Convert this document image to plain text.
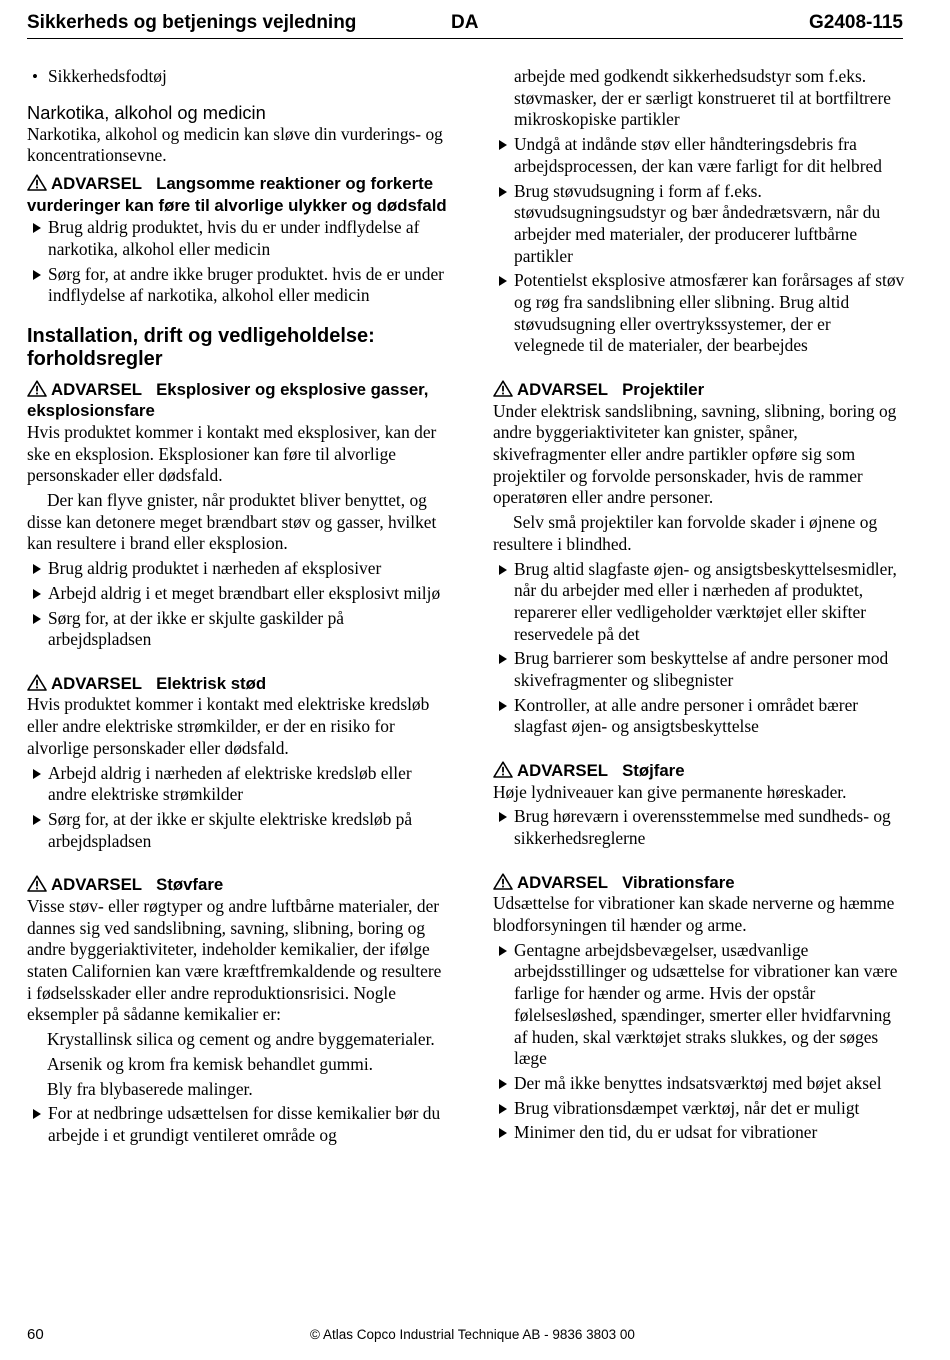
Sikkerheds og betjenings vejledning	DA	G2408-115
• Sikkerhedsfodtøj
Narkotika, alkohol og medicin

Narkotika, alkohol og medicin kan sløve din vurderings- og koncentrationsevne.

ADVARSEL Langsomme reaktioner og forkerte vurderinger kan føre til alvorlige ulykker og dødsfald
Brug aldrig produktet, hvis du er under indflydelse af narkotika, alkohol eller medicin
Sørg for, at andre ikke bruger produktet. hvis de er under indflydelse af narkotika, alkohol eller medicin
Installation, drift og vedligeholdelse: forholdsregler
ADVARSEL Eksplosiver og eksplosive gasser, eksplosionsfare

Hvis produktet kommer i kontakt med eksplosiver, kan der ske en eksplosion. Eksplosioner kan føre til alvorlige personskader eller dødsfald.

Der kan flyve gnister, når produktet bliver benyttet, og disse kan detonere meget brændbart støv og gasser, hvilket kan resultere i brand eller eksplosion.

Brug aldrig produktet i nærheden af eksplosiver
Arbejd aldrig i et meget brændbart eller eksplosivt miljø
Sørg for, at der ikke er skjulte gaskilder på arbejdspladsen
ADVARSEL Elektrisk stød

Hvis produktet kommer i kontakt med elektriske kredsløb eller andre elektriske strømkilder, er der en risiko for alvorlige personskader eller dødsfald.

Arbejd aldrig i nærheden af elektriske kredsløb eller andre elektriske strømkilder
Sørg for, at der ikke er skjulte elektriske kredsløb på arbejdspladsen
ADVARSEL Støvfare

Visse støv- eller røgtyper og andre luftbårne materialer, der dannes sig ved sandslibning, savning, slibning, boring og andre byggeriaktiviteter, indeholder kemikalier, der ifølge staten Californien kan være kræftfremkaldende og resultere i fødselsskader eller andre reproduktionsrisici. Nogle eksempler på sådanne kemikalier er:

Krystallinsk silica og cement og andre byggematerialer.

Arsenik og krom fra kemisk behandlet gummi.

Bly fra blybaserede malinger.

For at nedbringe udsættelsen for disse kemikalier bør du arbejde i et grundigt ventileret område og

arbejde med godkendt sikkerhedsudstyr som f.eks. støvmasker, der er særligt konstrueret til at bortfiltrere mikroskopiske partikler

Undgå at indånde støv eller håndteringsdebris fra arbejdsprocessen, der kan være farligt for dit helbred
Brug støvudsugning i form af f.eks. støvudsugningsudstyr og bær åndedrætsværn, når du arbejder med materialer, der producerer luftbårne partikler
Potentielst eksplosive atmosfærer kan forårsages af støv og røg fra sandslibning eller slibning. Brug altid støvudsugning eller overtrykssystemer, der er velegnede til de materialer, der bearbejdes
ADVARSEL Projektiler

Under elektrisk sandslibning, savning, slibning, boring og andre byggeriaktiviteter kan gnister, spåner, skivefragmenter eller andre partikler opføre sig som projektiler og forvolde personskader, hvis de rammer operatøren eller andre personer.

Selv små projektiler kan forvolde skader i øjnene og resultere i blindhed.

Brug altid slagfaste øjen- og ansigtsbeskyttelsesmidler, når du arbejder med eller i nærheden af produktet, reparerer eller vedligeholder værktøjet eller skifter reservedele på det
Brug barrierer som beskyttelse af andre personer mod skivefragmenter og slibegnister
Kontroller, at alle andre personer i området bærer slagfast øjen- og ansigtsbeskyttelse
ADVARSEL Støjfare

Høje lydniveauer kan give permanente høreskader.

Brug høreværn i overensstemmelse med sundheds- og sikkerhedsreglerne
ADVARSEL Vibrationsfare

Udsættelse for vibrationer kan skade nerverne og hæmme blodforsyningen til hænder og arme.

Gentagne arbejdsbevægelser, usædvanlige arbejdsstillinger og udsættelse for vibrationer kan være farlige for hænder og arme. Hvis der opstår følelsesløshed, spændinger, smerter eller hvidfarvning af huden, skal værktøjet straks slukkes, og der søges læge
Der må ikke benyttes indsatsværktøj med bøjet aksel
Brug vibrationsdæmpet værktøj, når det er muligt
Minimer den tid, du er udsat for vibrationer
60	© Atlas Copco Industrial Technique AB - 9836 3803 00
